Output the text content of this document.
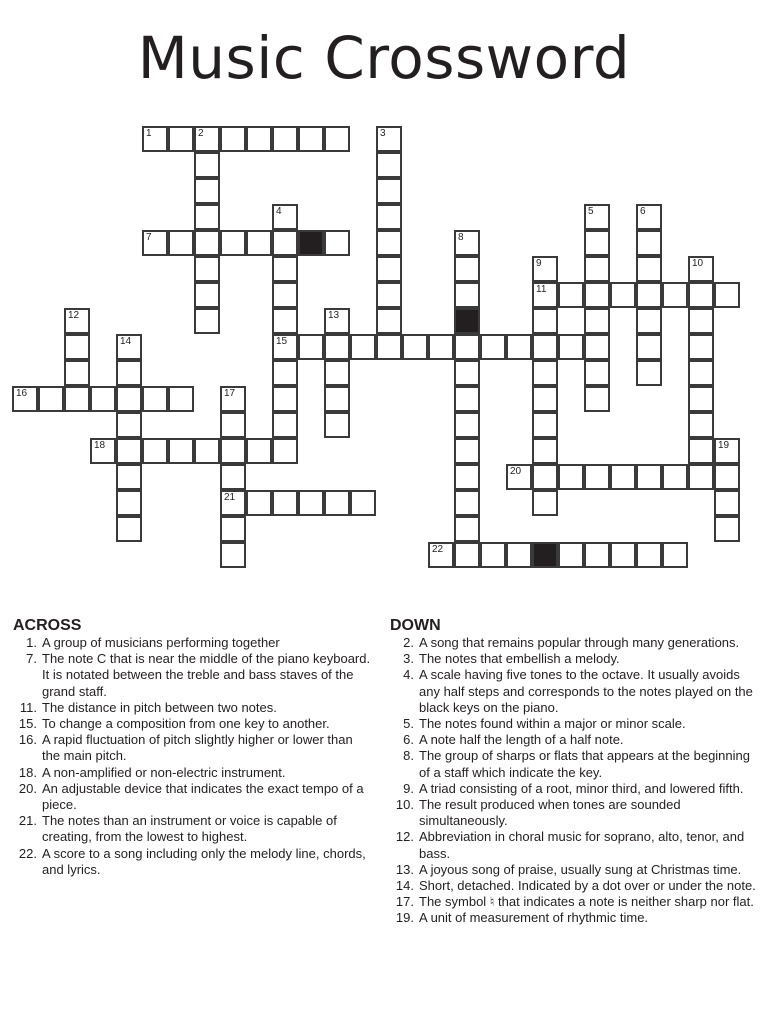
Music Crossword
1	2	3
4
15
5	6
7	8
9
11
10
12	13
14
16	17
21
18	19
20
22
ACROSS
1. A group of musicians performing together
7. The note C that is near the middle of the piano keyboard. It is notated between the treble and bass staves of the grand staff.
11. The distance in pitch between two notes.
15. To change a composition from one key to another.
16. A rapid fluctuation of pitch slightly higher or lower than the main pitch.
18. A non-amplified or non-electric instrument.
20. An adjustable device that indicates the exact tempo of a piece.
21. The notes than an instrument or voice is capable of creating, from the lowest to highest.
22. A score to a song including only the melody line, chords, and lyrics.
DOWN
2. A song that remains popular through many generations.
3. The notes that embellish a melody.
4. A scale having five tones to the octave. It usually avoids any half steps and corresponds to the notes played on the black keys on the piano.
5. The notes found within a major or minor scale.
6. A note half the length of a half note.
8. The group of sharps or flats that appears at the beginning of a staff which indicate the key.
9. A triad consisting of a root, minor third, and lowered fifth.
10. The result produced when tones are sounded simultaneously.
12. Abbreviation in choral music for soprano, alto, tenor, and bass.
13. A joyous song of praise, usually sung at Christmas time.
14. Short, detached. Indicated by a dot over or under the note.
17. The symbol ♮ that indicates a note is neither sharp nor flat.
19. A unit of measurement of rhythmic time.
